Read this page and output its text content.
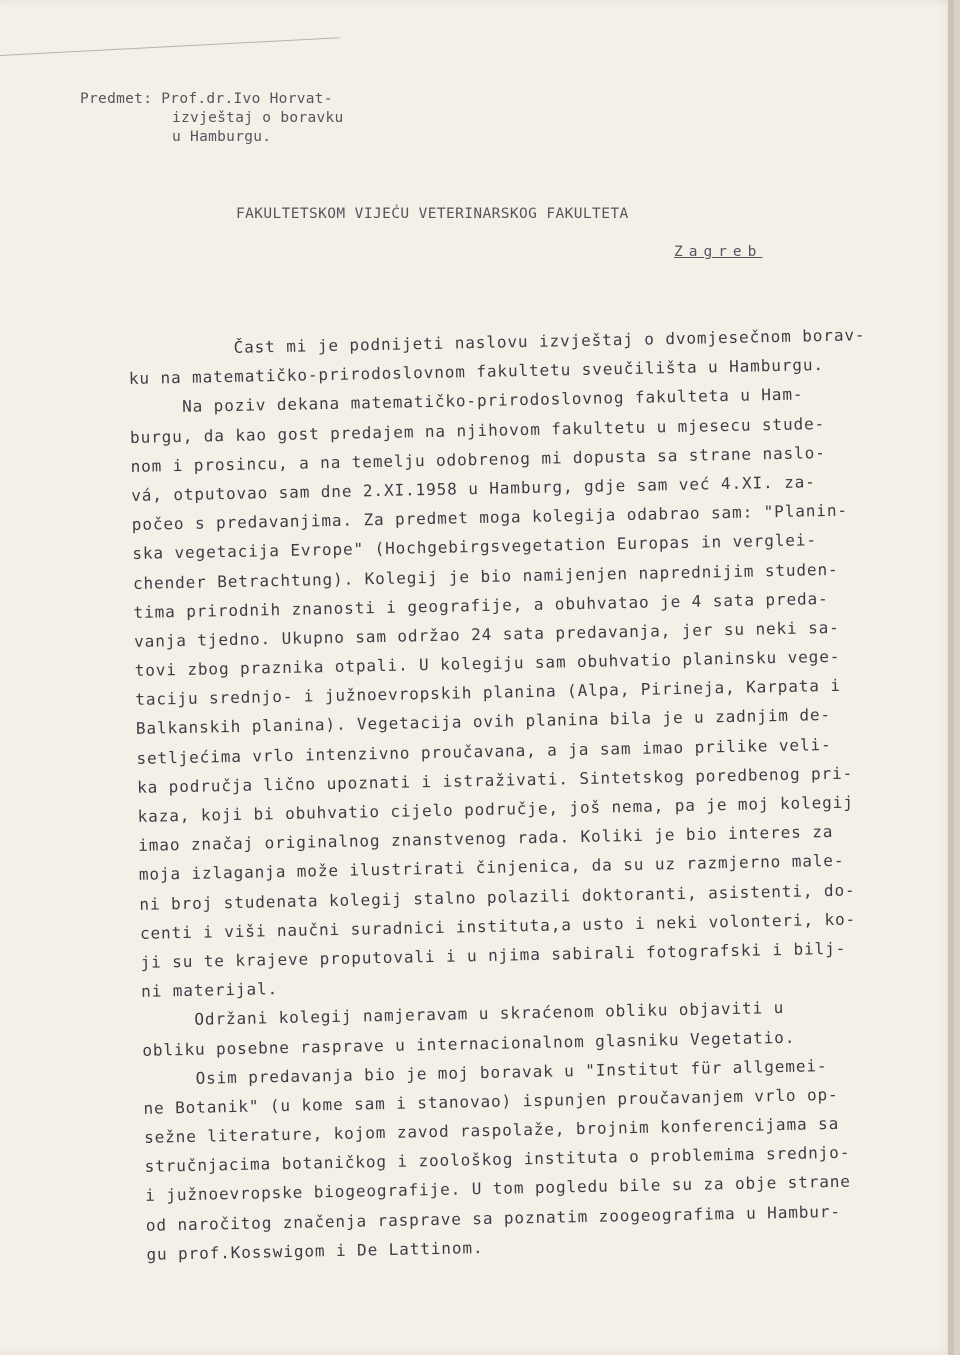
Predmet: Prof.dr.Ivo Horvat-
izvještaj o boravku
u Hamburgu.
FAKULTETSKOM VIJEĆU VETERINARSKOG FAKULTETA
Zagreb
Čast mi je podnijeti naslovu izvještaj o dvomjesečnom borav-
ku na matematičko-prirodoslovnom fakultetu sveučilišta u Hamburgu.
Na poziv dekana matematičko-prirodoslovnog fakulteta u Ham-
burgu, da kao gost predajem na njihovom fakultetu u mjesecu stude-
nom i prosincu, a na temelju odobrenog mi dopusta sa strane naslo-
vá, otputovao sam dne 2.XI.1958 u Hamburg, gdje sam već 4.XI. za-
počeo s predavanjima. Za predmet moga kolegija odabrao sam: "Planin-
ska vegetacija Evrope" (Hochgebirgsvegetation Europas in verglei-
chender Betrachtung). Kolegij je bio namijenjen naprednijim studen-
tima prirodnih znanosti i geografije, a obuhvatao je 4 sata preda-
vanja tjedno. Ukupno sam održao 24 sata predavanja, jer su neki sa-
tovi zbog praznika otpali. U kolegiju sam obuhvatio planinsku vege-
taciju srednjo- i južnoevropskih planina (Alpa, Pirineja, Karpata i
Balkanskih planina). Vegetacija ovih planina bila je u zadnjim de-
setljećima vrlo intenzivno proučavana, a ja sam imao prilike veli-
ka područja lično upoznati i istraživati. Sintetskog poredbenog pri-
kaza, koji bi obuhvatio cijelo područje, još nema, pa je moj kolegij
imao značaj originalnog znanstvenog rada. Koliki je bio interes za
moja izlaganja može ilustrirati činjenica, da su uz razmjerno male-
ni broj studenata kolegij stalno polazili doktoranti, asistenti, do-
centi i viši naučni suradnici instituta,a usto i neki volonteri, ko-
ji su te krajeve proputovali i u njima sabirali fotografski i bilj-
ni materijal.
Održani kolegij namjeravam u skraćenom obliku objaviti u
obliku posebne rasprave u internacionalnom glasniku Vegetatio.
Osim predavanja bio je moj boravak u "Institut für allgemei-
ne Botanik" (u kome sam i stanovao) ispunjen proučavanjem vrlo op-
sežne literature, kojom zavod raspolaže, brojnim konferencijama sa
stručnjacima botaničkog i zoološkog instituta o problemima srednjo-
i južnoevropske biogeografije. U tom pogledu bile su za obje strane
od naročitog značenja rasprave sa poznatim zoogeografima u Hambur-
gu prof.Kosswigom i De Lattinom.
